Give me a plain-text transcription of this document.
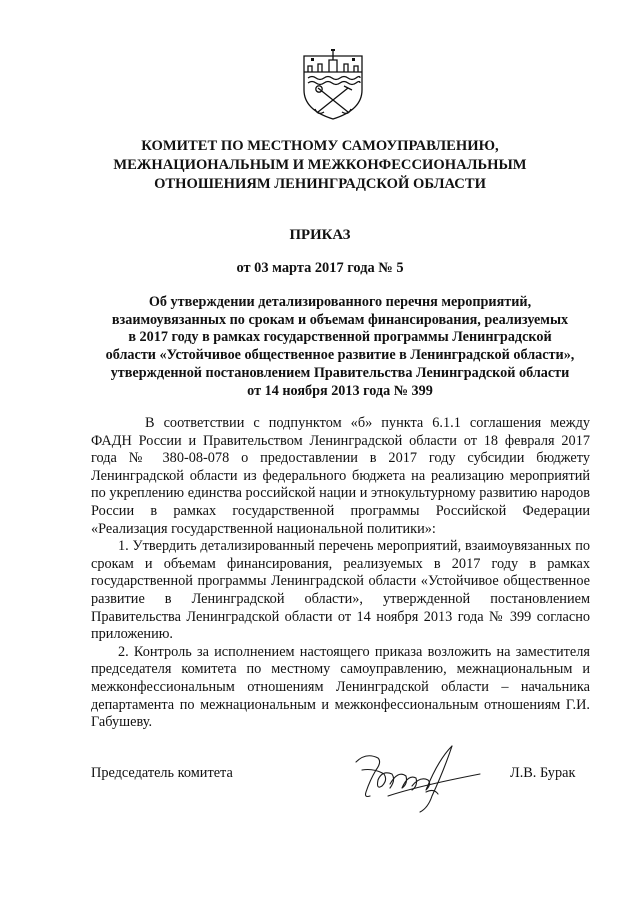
КОМИТЕТ ПО МЕСТНОМУ САМОУПРАВЛЕНИЮ,
МЕЖНАЦИОНАЛЬНЫМ И МЕЖКОНФЕССИОНАЛЬНЫМ
ОТНОШЕНИЯМ ЛЕНИНГРАДСКОЙ ОБЛАСТИ
ПРИКАЗ
от 03 марта 2017 года № 5
Об утверждении детализированного перечня мероприятий,
взаимоувязанных по срокам и объемам финансирования, реализуемых
в 2017 году в рамках государственной программы Ленинградской
области «Устойчивое общественное развитие в Ленинградской области»,
утвержденной постановлением Правительства Ленинградской области
от 14 ноября 2013 года № 399

В соответствии с подпунктом «б» пункта 6.1.1 соглашения между ФАДН России и Правительством Ленинградской области от 18 февраля 2017 года № 380-08-078 о предоставлении в 2017 году субсидии бюджету Ленинградской области из федерального бюджета на реализацию мероприятий по укреплению единства российской нации и этнокультурному развитию народов России в рамках государственной программы Российской Федерации «Реализация государственной национальной политики»:

1. Утвердить детализированный перечень мероприятий, взаимоувязанных по срокам и объемам финансирования, реализуемых в 2017 году в рамках государственной программы Ленинградской области «Устойчивое общественное развитие в Ленинградской области», утвержденной постановлением Правительства Ленинградской области от 14 ноября 2013 года № 399 согласно приложению.

2. Контроль за исполнением настоящего приказа возложить на заместителя председателя комитета по местному самоуправлению, межнациональным и межконфессиональным отношениям Ленинградской области – начальника департамента по межнациональным и межконфессиональным отношениям Г.И. Габушеву.

Председатель комитета	Л.В. Бурак
